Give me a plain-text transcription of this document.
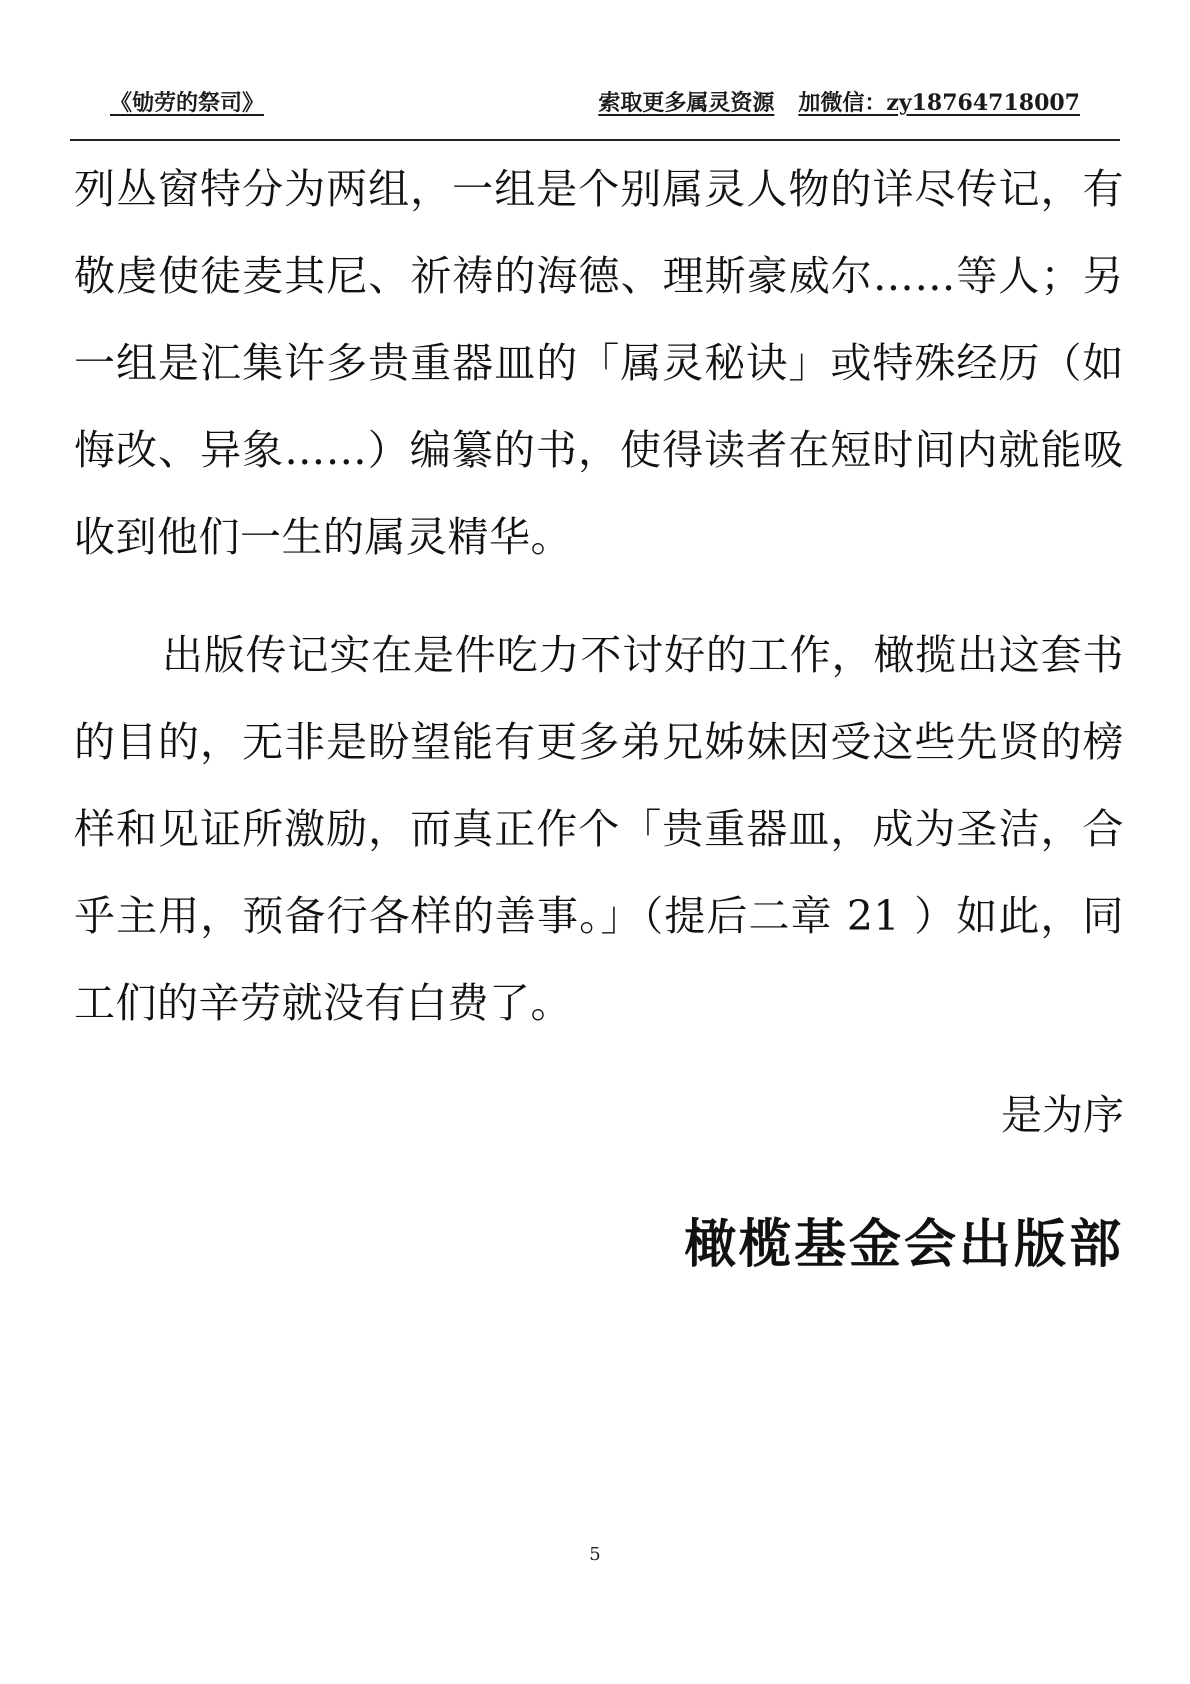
《劬劳的祭司》	索取更多属灵资源 加微信：zy18764718007
列丛窗特分为两组，一组是个别属灵人物的详尽传记，有敬虔使徒麦其尼、祈祷的海德、理斯豪威尔……等人；另一组是汇集许多贵重器皿的「属灵秘诀」或特殊经历（如悔改、异象……）编纂的书，使得读者在短时间内就能吸收到他们一生的属灵精华。
出版传记实在是件吃力不讨好的工作，橄揽出这套书的目的，无非是盼望能有更多弟兄姊妹因受这些先贤的榜样和见证所激励，而真正作个「贵重器皿，成为圣洁，合乎主用，预备行各样的善事。」（提后二章 21 ）如此，同工们的辛劳就没有白费了。
是为序
橄榄基金会出版部
5
